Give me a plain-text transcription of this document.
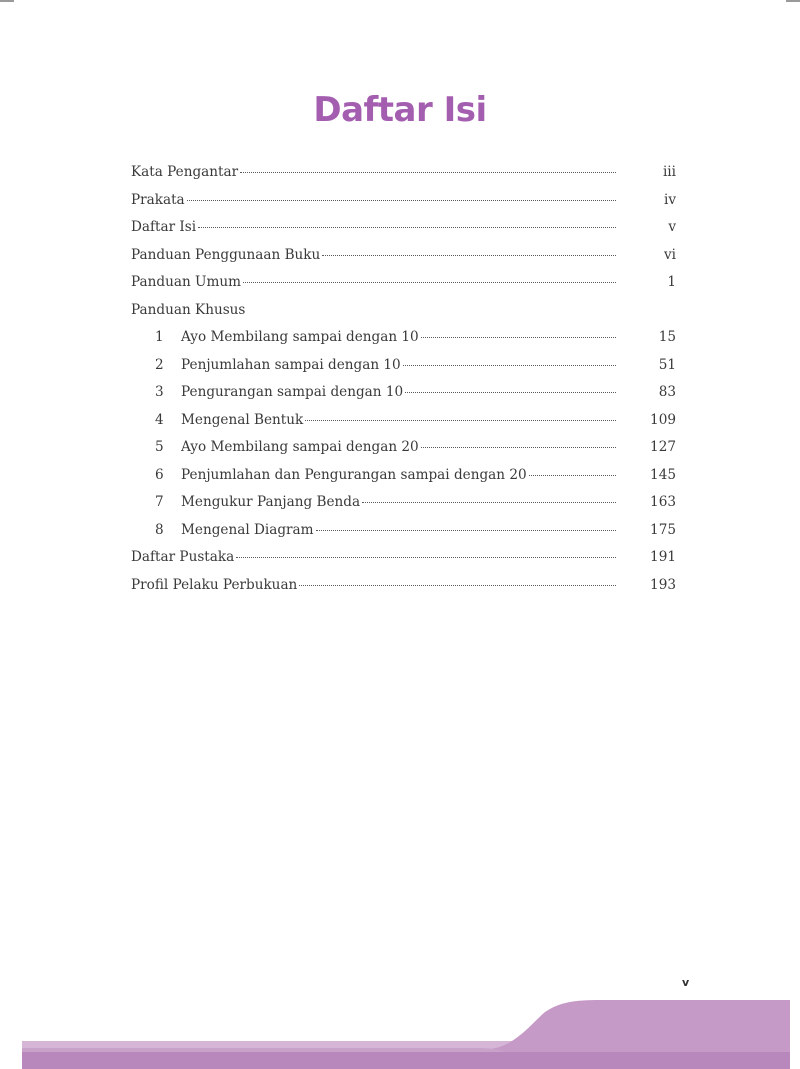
Daftar Isi
Kata Pengantar	iii
Prakata	iv
Daftar Isi	v
Panduan Penggunaan Buku	vi
Panduan Umum	1
Panduan Khusus
1	Ayo Membilang sampai dengan 10	15
2	Penjumlahan sampai dengan 10	51
3	Pengurangan sampai dengan 10	83
4	Mengenal Bentuk	109
5	Ayo Membilang sampai dengan 20	127
6	Penjumlahan dan Pengurangan sampai dengan 20	145
7	Mengukur Panjang Benda	163
8	Mengenal Diagram	175
Daftar Pustaka	191
Profil Pelaku Perbukuan	193
v
